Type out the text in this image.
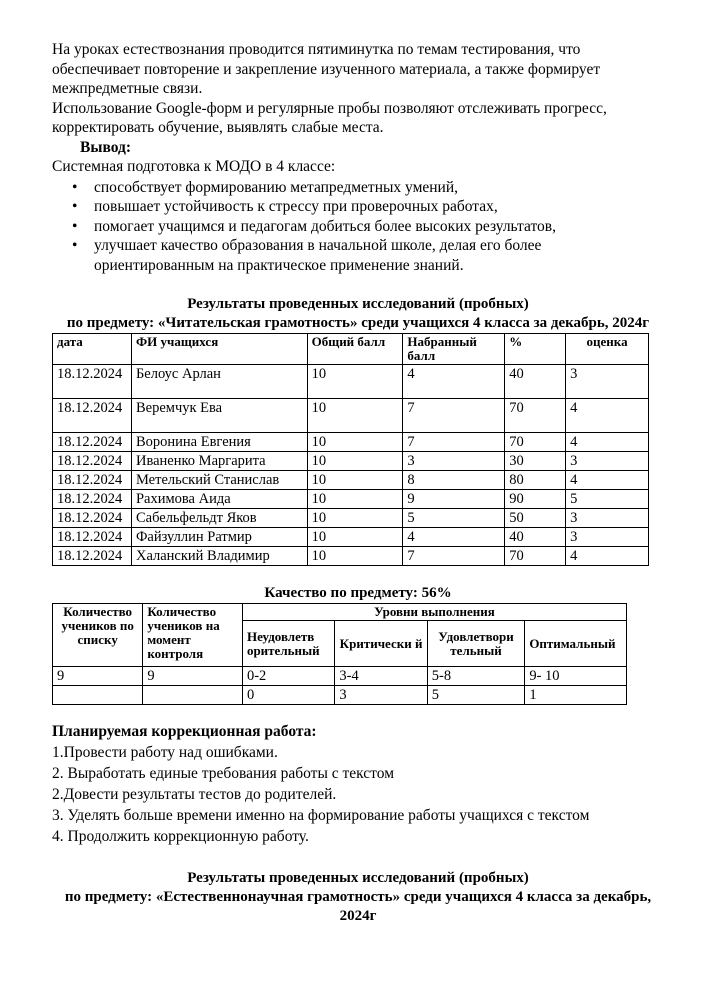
На уроках естествознания проводится пятиминутка по темам тестирования, что обеспечивает повторение и закрепление изученного материала, а также формирует межпредметные связи.

Использование Google-форм и регулярные пробы позволяют отслеживать прогресс, корректировать обучение, выявлять слабые места.

Вывод:

Системная подготовка к МОДО в 4 классе:

• способствует формированию метапредметных умений,
• повышает устойчивость к стрессу при проверочных работах,
• помогает учащимся и педагогам добиться более высоких результатов,
• улучшает качество образования в начальной школе, делая его более ориентированным на практическое применение знаний.
Результаты проведенных исследований (пробных)
по предмету: «Читательская грамотность» среди учащихся 4 класса за декабрь, 2024г
дата	ФИ учащихся	Общий балл	Набранный балл	%	оценка
18.12.2024	Белоус Арлан	10	4	40	3
18.12.2024	Веремчук Ева	10	7	70	4
18.12.2024	Воронина Евгения	10	7	70	4
18.12.2024	Иваненко Маргарита	10	3	30	3
18.12.2024	Метельский Станислав	10	8	80	4
18.12.2024	Рахимова Аида	10	9	90	5
18.12.2024	Сабельфельдт Яков	10	5	50	3
18.12.2024	Файзуллин Ратмир	10	4	40	3
18.12.2024	Халанский Владимир	10	7	70	4
Качество по предмету: 56%
Количество учеников по списку	Количество учеников на момент контроля	Уровни выполнения			
		Неудовлетв орительный	Критически й	Удовлетвори тельный	Оптимальный
9	9	0-2	3-4	5-8	9- 10
		0	3	5	1

Планируемая коррекционная работа:

1.Провести работу над ошибками.

2. Выработать единые требования работы с текстом

2.Довести результаты тестов до родителей.

3. Уделять больше времени именно на формирование работы учащихся с текстом

4. Продолжить коррекционную работу.

Результаты проведенных исследований (пробных)
по предмету: «Естественнонаучная грамотность» среди учащихся 4 класса за декабрь, 2024г
